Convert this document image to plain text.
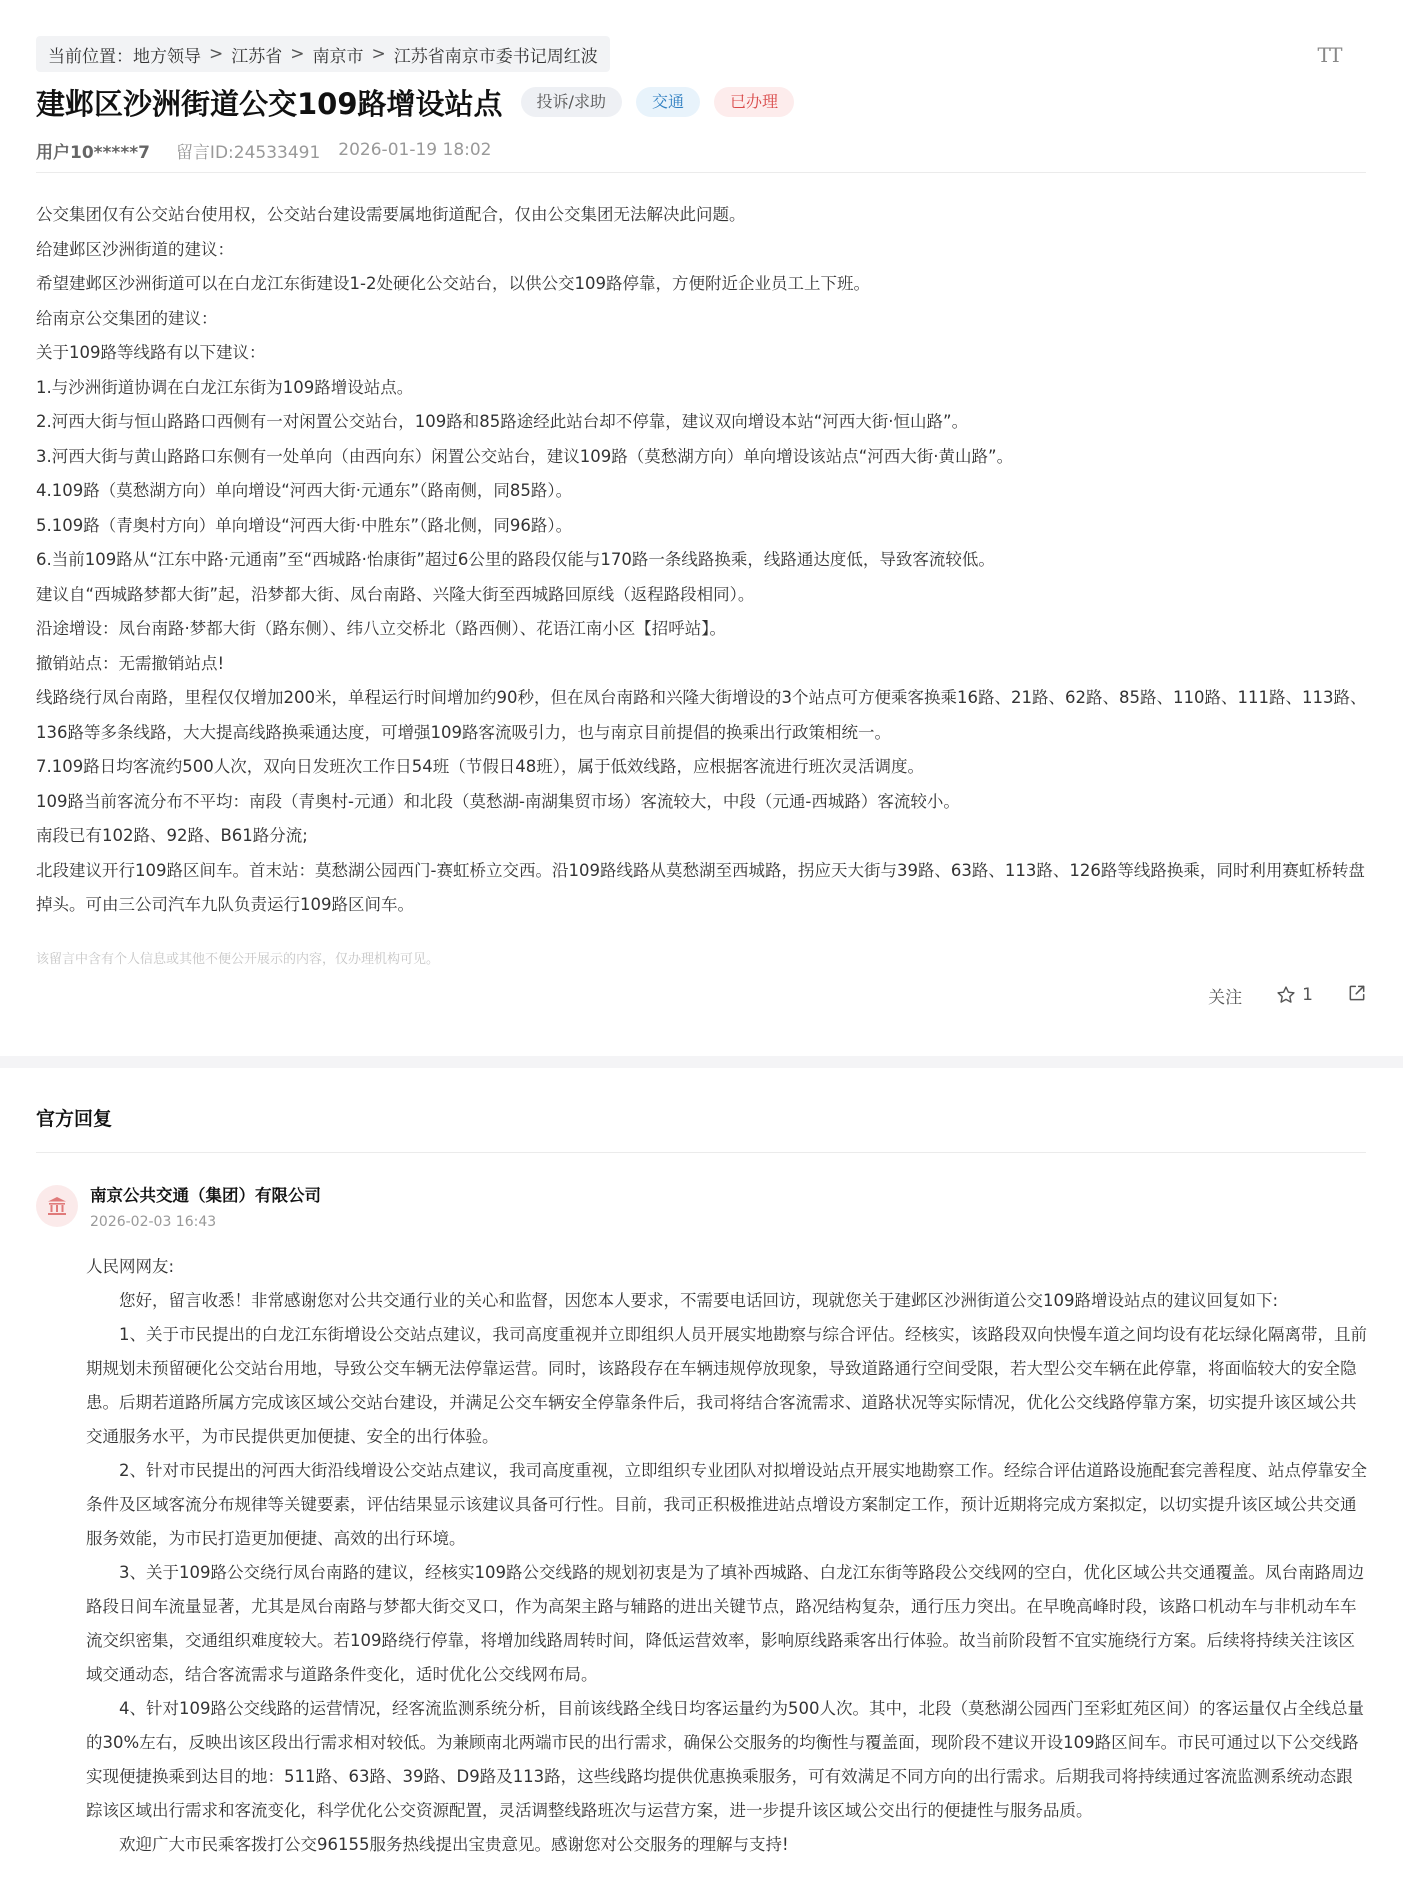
当前位置： 地方领导 > 江苏省 > 南京市 > 江苏省南京市委书记周红波	TT
建邺区沙洲街道公交109路增设站点	投诉/求助	交通	已办理
用户10*****7 留言ID:24533491 2026-01-19 18:02

公交集团仅有公交站台使用权，公交站台建设需要属地街道配合，仅由公交集团无法解决此问题。

给建邺区沙洲街道的建议：

希望建邺区沙洲街道可以在白龙江东街建设1-2处硬化公交站台，以供公交109路停靠，方便附近企业员工上下班。

给南京公交集团的建议：

关于109路等线路有以下建议：

1.与沙洲街道协调在白龙江东街为109路增设站点。

2.河西大街与恒山路路口西侧有一对闲置公交站台，109路和85路途经此站台却不停靠，建议双向增设本站“河西大街·恒山路”。

3.河西大街与黄山路路口东侧有一处单向（由西向东）闲置公交站台，建议109路（莫愁湖方向）单向增设该站点“河西大街·黄山路”。

4.109路（莫愁湖方向）单向增设“河西大街·元通东”（路南侧，同85路）。

5.109路（青奥村方向）单向增设“河西大街·中胜东”（路北侧，同96路）。

6.当前109路从“江东中路·元通南”至“西城路·怡康街”超过6公里的路段仅能与170路一条线路换乘，线路通达度低，导致客流较低。

建议自“西城路梦都大街”起，沿梦都大街、凤台南路、兴隆大街至西城路回原线（返程路段相同）。

沿途增设：凤台南路·梦都大街（路东侧）、纬八立交桥北（路西侧）、花语江南小区【招呼站】。

撤销站点：无需撤销站点!

线路绕行凤台南路，里程仅仅增加200米，单程运行时间增加约90秒，但在凤台南路和兴隆大街增设的3个站点可方便乘客换乘16路、21路、62路、85路、110路、111路、113路、136路等多条线路，大大提高线路换乘通达度，可增强109路客流吸引力，也与南京目前提倡的换乘出行政策相统一。

7.109路日均客流约500人次，双向日发班次工作日54班（节假日48班），属于低效线路，应根据客流进行班次灵活调度。

109路当前客流分布不平均：南段（青奥村-元通）和北段（莫愁湖-南湖集贸市场）客流较大，中段（元通-西城路）客流较小。

南段已有102路、92路、B61路分流;

北段建议开行109路区间车。首末站：莫愁湖公园西门-赛虹桥立交西。沿109路线路从莫愁湖至西城路，拐应天大街与39路、63路、113路、126路等线路换乘，同时利用赛虹桥转盘掉头。可由三公司汽车九队负责运行109路区间车。

该留言中含有个人信息或其他不便公开展示的内容，仅办理机构可见。
关注	1
官方回复
南京公共交通（集团）有限公司
2026-02-03 16:43

人民网网友:

您好，留言收悉！非常感谢您对公共交通行业的关心和监督，因您本人要求，不需要电话回访，现就您关于建邺区沙洲街道公交109路增设站点的建议回复如下:

1、关于市民提出的白龙江东街增设公交站点建议，我司高度重视并立即组织人员开展实地勘察与综合评估。经核实，该路段双向快慢车道之间均设有花坛绿化隔离带，且前期规划未预留硬化公交站台用地，导致公交车辆无法停靠运营。同时，该路段存在车辆违规停放现象，导致道路通行空间受限，若大型公交车辆在此停靠，将面临较大的安全隐患。后期若道路所属方完成该区域公交站台建设，并满足公交车辆安全停靠条件后，我司将结合客流需求、道路状况等实际情况，优化公交线路停靠方案，切实提升该区域公共交通服务水平，为市民提供更加便捷、安全的出行体验。

2、针对市民提出的河西大街沿线增设公交站点建议，我司高度重视，立即组织专业团队对拟增设站点开展实地勘察工作。经综合评估道路设施配套完善程度、站点停靠安全条件及区域客流分布规律等关键要素，评估结果显示该建议具备可行性。目前，我司正积极推进站点增设方案制定工作，预计近期将完成方案拟定，以切实提升该区域公共交通服务效能，为市民打造更加便捷、高效的出行环境。

3、关于109路公交绕行凤台南路的建议，经核实109路公交线路的规划初衷是为了填补西城路、白龙江东街等路段公交线网的空白，优化区域公共交通覆盖。凤台南路周边路段日间车流量显著，尤其是凤台南路与梦都大街交叉口，作为高架主路与辅路的进出关键节点，路况结构复杂，通行压力突出。在早晚高峰时段，该路口机动车与非机动车车流交织密集，交通组织难度较大。若109路绕行停靠，将增加线路周转时间，降低运营效率，影响原线路乘客出行体验。故当前阶段暂不宜实施绕行方案。后续将持续关注该区域交通动态，结合客流需求与道路条件变化，适时优化公交线网布局。

4、针对109路公交线路的运营情况，经客流监测系统分析，目前该线路全线日均客运量约为500人次。其中，北段（莫愁湖公园西门至彩虹苑区间）的客运量仅占全线总量的30%左右，反映出该区段出行需求相对较低。为兼顾南北两端市民的出行需求，确保公交服务的均衡性与覆盖面，现阶段不建议开设109路区间车。市民可通过以下公交线路实现便捷换乘到达目的地：511路、63路、39路、D9路及113路，这些线路均提供优惠换乘服务，可有效满足不同方向的出行需求。后期我司将持续通过客流监测系统动态跟踪该区域出行需求和客流变化，科学优化公交资源配置，灵活调整线路班次与运营方案，进一步提升该区域公交出行的便捷性与服务品质。

欢迎广大市民乘客拨打公交96155服务热线提出宝贵意见。感谢您对公交服务的理解与支持!
